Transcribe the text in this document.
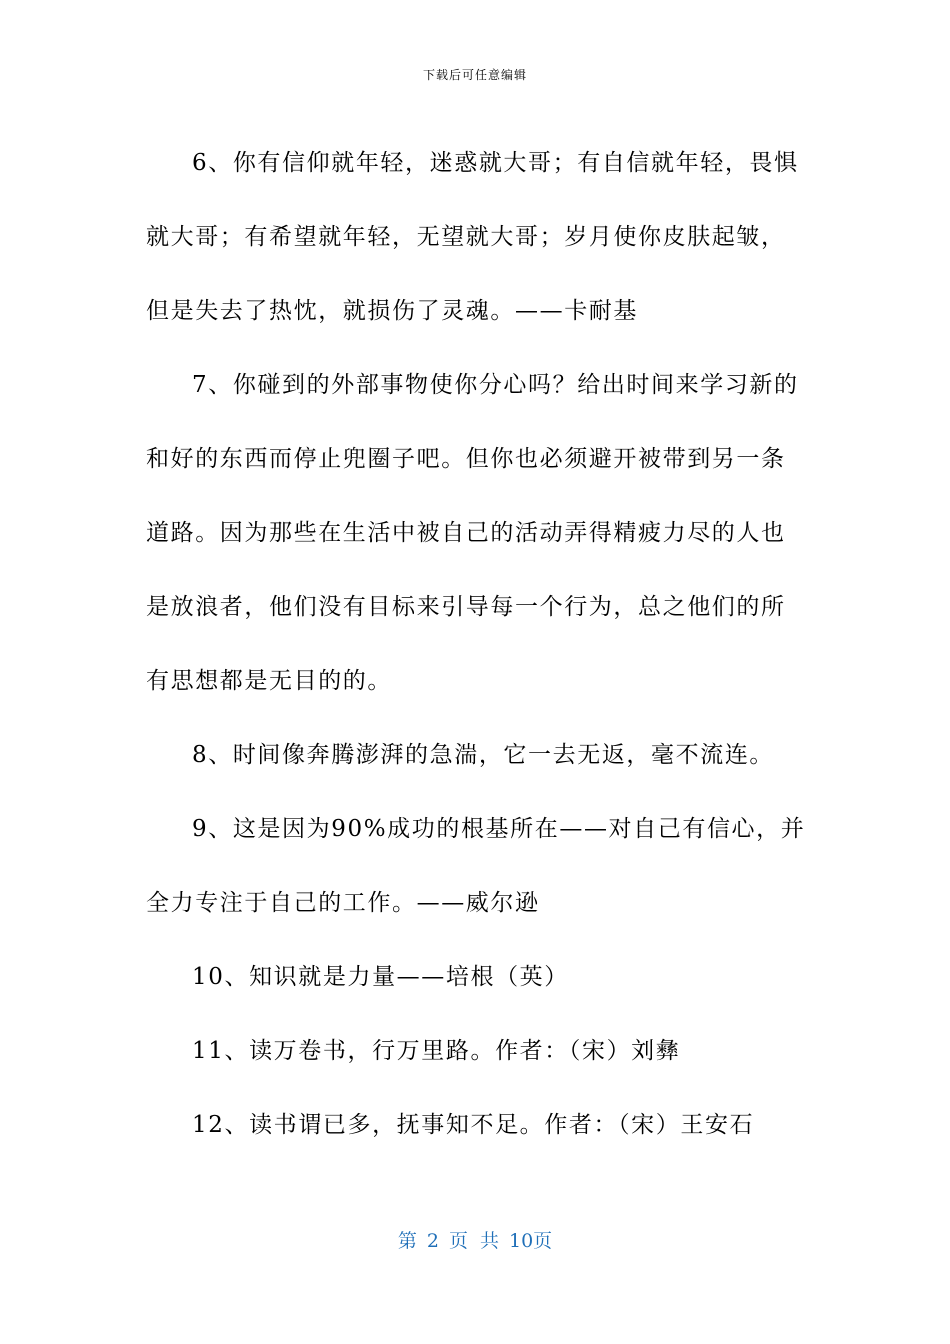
下载后可任意编辑

6、你有信仰就年轻，迷惑就大哥；有自信就年轻，畏惧就大哥；有希望就年轻，无望就大哥；岁月使你皮肤起皱，但是失去了热忱，就损伤了灵魂。——卡耐基

7、你碰到的外部事物使你分心吗？给出时间来学习新的和好的东西而停止兜圈子吧。但你也必须避开被带到另一条道路。因为那些在生活中被自己的活动弄得精疲力尽的人也是放浪者，他们没有目标来引导每一个行为，总之他们的所有思想都是无目的的。

8、时间像奔腾澎湃的急湍，它一去无返，毫不流连。

9、这是因为90%成功的根基所在——对自己有信心，并全力专注于自己的工作。——威尔逊

10、知识就是力量——培根（英）

11、读万卷书，行万里路。作者：（宋）刘彝

12、读书谓已多，抚事知不足。作者：（宋）王安石

第 2 页 共 10页
